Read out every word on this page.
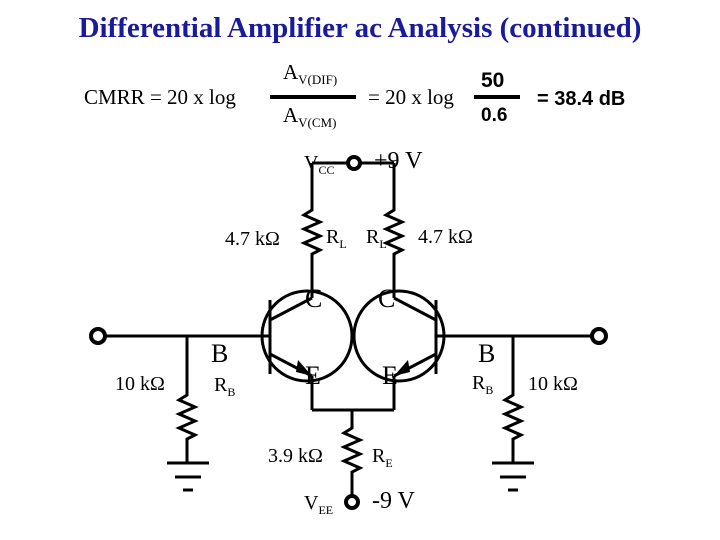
Differential Amplifier ac Analysis (continued)
CMRR = 20 x log
$A_{V(DIF)}$
$A_{V(CM)}$
= 20 x log
50
0.6
= 38.4 dB
$V_{CC} +9$ V
4.7 kΩ $R_L$ $R_L$ 4.7 kΩ
C C
B	B
E E
10 kΩ $R_B$	$R_B$ 10 kΩ
3.9 kΩ $R_E$
$V_{EE}$ -9 V
